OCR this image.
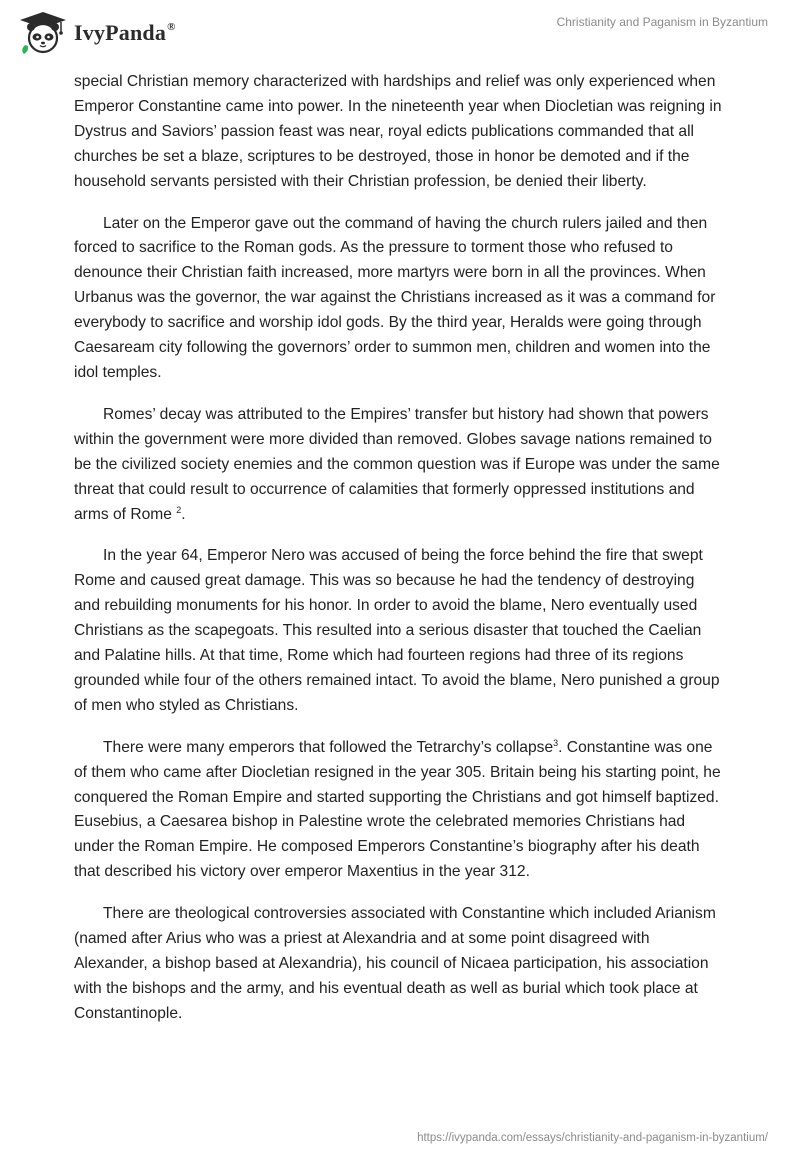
IvyPanda®	Christianity and Paganism in Byzantium

special Christian memory characterized with hardships and relief was only experienced when Emperor Constantine came into power. In the nineteenth year when Diocletian was reigning in Dystrus and Saviors’ passion feast was near, royal edicts publications commanded that all churches be set a blaze, scriptures to be destroyed, those in honor be demoted and if the household servants persisted with their Christian profession, be denied their liberty.

Later on the Emperor gave out the command of having the church rulers jailed and then forced to sacrifice to the Roman gods. As the pressure to torment those who refused to denounce their Christian faith increased, more martyrs were born in all the provinces. When Urbanus was the governor, the war against the Christians increased as it was a command for everybody to sacrifice and worship idol gods. By the third year, Heralds were going through Caesaream city following the governors’ order to summon men, children and women into the idol temples.

Romes’ decay was attributed to the Empires’ transfer but history had shown that powers within the government were more divided than removed. Globes savage nations remained to be the civilized society enemies and the common question was if Europe was under the same threat that could result to occurrence of calamities that formerly oppressed institutions and arms of Rome $^2$.

In the year 64, Emperor Nero was accused of being the force behind the fire that swept Rome and caused great damage. This was so because he had the tendency of destroying and rebuilding monuments for his honor. In order to avoid the blame, Nero eventually used Christians as the scapegoats. This resulted into a serious disaster that touched the Caelian and Palatine hills. At that time, Rome which had fourteen regions had three of its regions grounded while four of the others remained intact. To avoid the blame, Nero punished a group of men who styled as Christians.

There were many emperors that followed the Tetrarchy’s collapse$^3$. Constantine was one of them who came after Diocletian resigned in the year 305. Britain being his starting point, he conquered the Roman Empire and started supporting the Christians and got himself baptized. Eusebius, a Caesarea bishop in Palestine wrote the celebrated memories Christians had under the Roman Empire. He composed Emperors Constantine’s biography after his death that described his victory over emperor Maxentius in the year 312.

There are theological controversies associated with Constantine which included Arianism (named after Arius who was a priest at Alexandria and at some point disagreed with Alexander, a bishop based at Alexandria), his council of Nicaea participation, his association with the bishops and the army, and his eventual death as well as burial which took place at Constantinople.

https://ivypanda.com/essays/christianity-and-paganism-in-byzantium/
